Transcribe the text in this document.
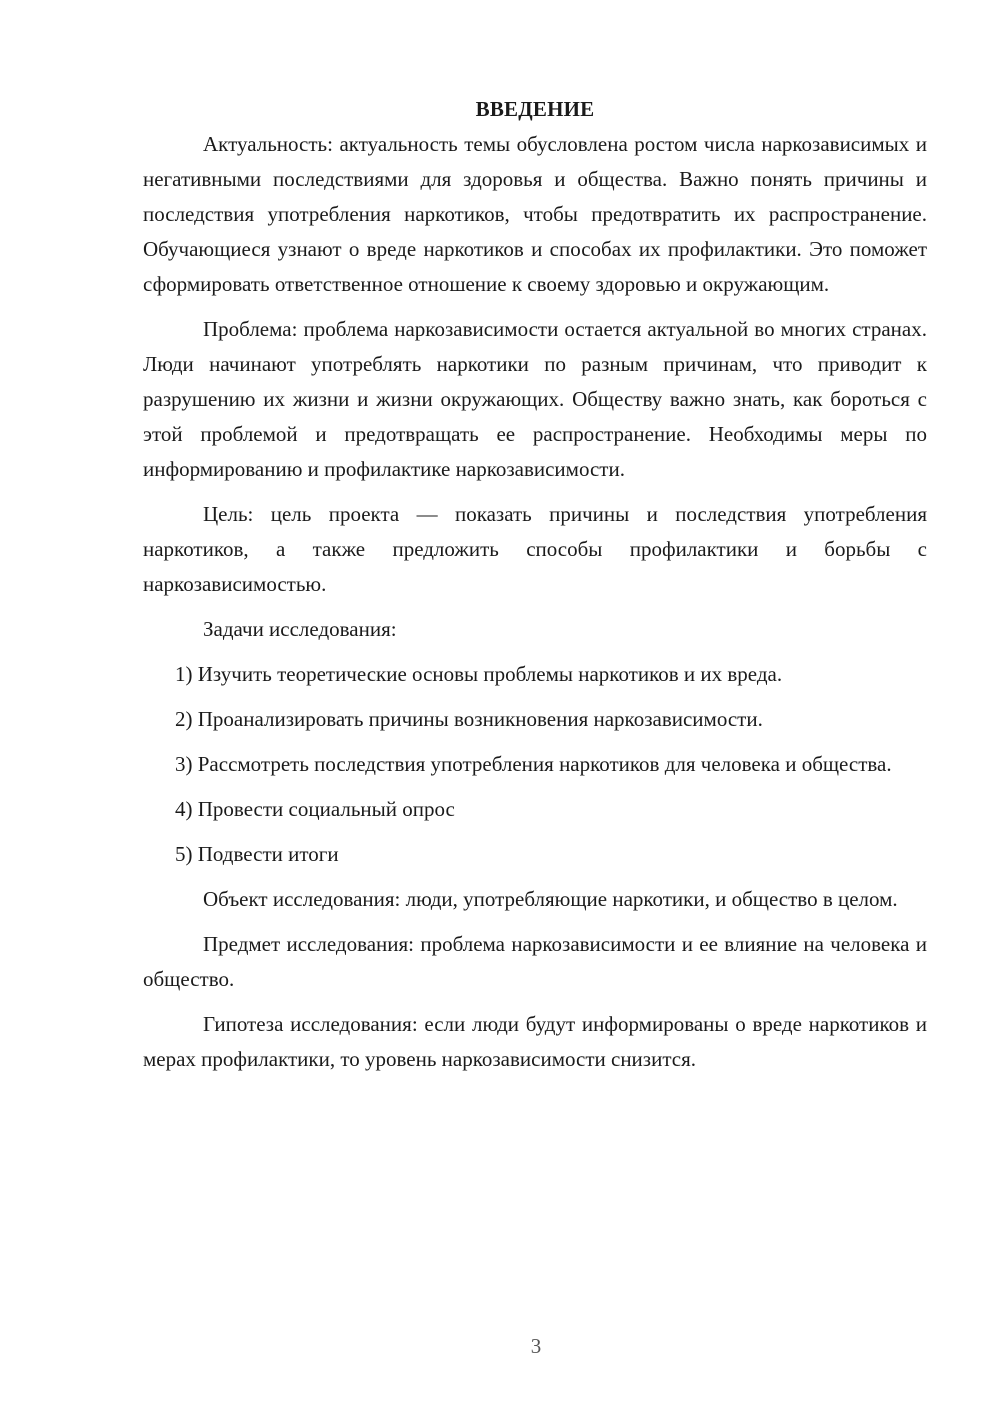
ВВЕДЕНИЕ

Актуальность: актуальность темы обусловлена ростом числа наркозависимых и негативными последствиями для здоровья и общества. Важно понять причины и последствия употребления наркотиков, чтобы предотвратить их распространение. Обучающиеся узнают о вреде наркотиков и способах их профилактики. Это поможет сформировать ответственное отношение к своему здоровью и окружающим.

Проблема: проблема наркозависимости остается актуальной во многих странах. Люди начинают употреблять наркотики по разным причинам, что приводит к разрушению их жизни и жизни окружающих. Обществу важно знать, как бороться с этой проблемой и предотвращать ее распространение. Необходимы меры по информированию и профилактике наркозависимости.

Цель: цель проекта — показать причины и последствия употребления наркотиков, а также предложить способы профилактики и борьбы с наркозависимостью.

Задачи исследования:

1) Изучить теоретические основы проблемы наркотиков и их вреда.

2) Проанализировать причины возникновения наркозависимости.

3) Рассмотреть последствия употребления наркотиков для человека и общества.

4) Провести социальный опрос

5) Подвести итоги

Объект исследования: люди, употребляющие наркотики, и общество в целом.

Предмет исследования: проблема наркозависимости и ее влияние на человека и общество.

Гипотеза исследования: если люди будут информированы о вреде наркотиков и мерах профилактики, то уровень наркозависимости снизится.

3
